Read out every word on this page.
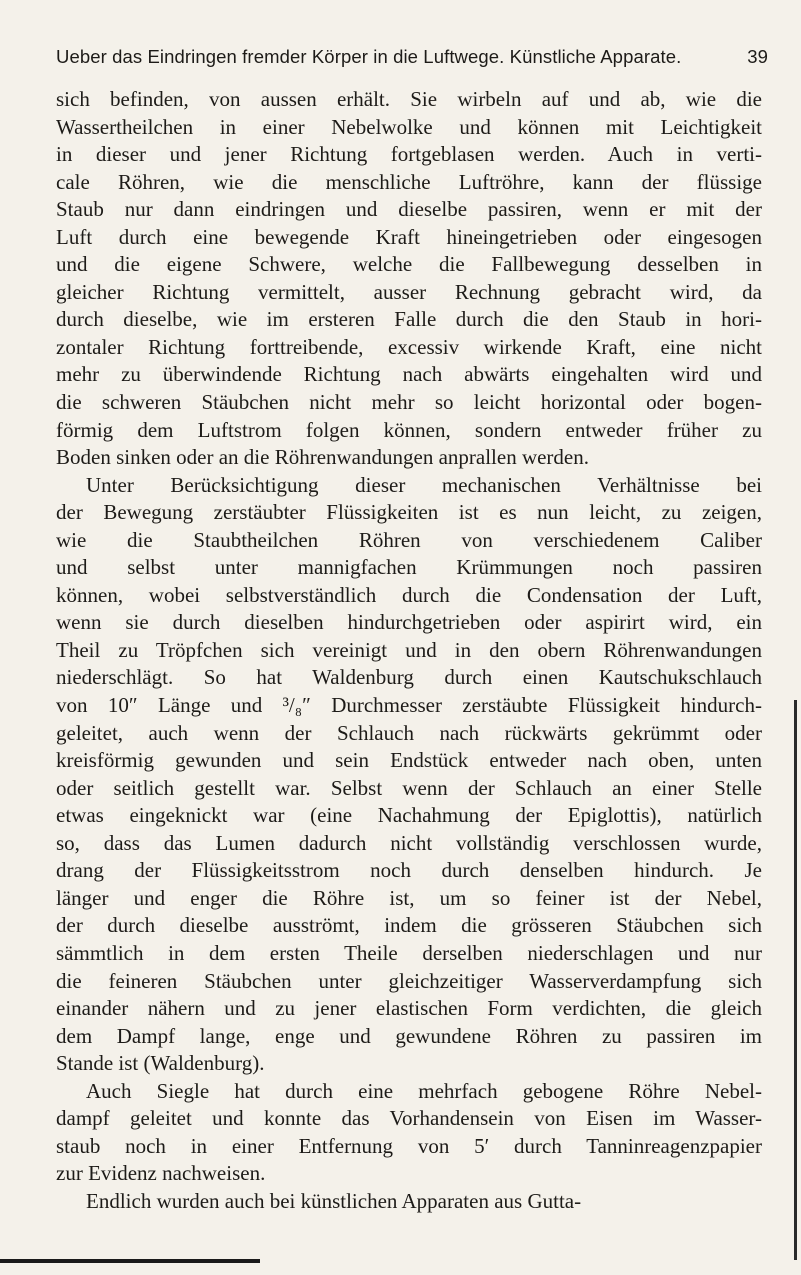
Ueber das Eindringen fremder Körper in die Luftwege. Künstliche Apparate.	39
sich befinden, von aussen erhält. Sie wirbeln auf und ab, wie die
Wassertheilchen in einer Nebelwolke und können mit Leichtigkeit
in dieser und jener Richtung fortgeblasen werden. Auch in verti-
cale Röhren, wie die menschliche Luftröhre, kann der flüssige
Staub nur dann eindringen und dieselbe passiren, wenn er mit der
Luft durch eine bewegende Kraft hineingetrieben oder eingesogen
und die eigene Schwere, welche die Fallbewegung desselben in
gleicher Richtung vermittelt, ausser Rechnung gebracht wird, da
durch dieselbe, wie im ersteren Falle durch die den Staub in hori-
zontaler Richtung forttreibende, excessiv wirkende Kraft, eine nicht
mehr zu überwindende Richtung nach abwärts eingehalten wird und
die schweren Stäubchen nicht mehr so leicht horizontal oder bogen-
förmig dem Luftstrom folgen können, sondern entweder früher zu
Boden sinken oder an die Röhrenwandungen anprallen werden.
Unter Berücksichtigung dieser mechanischen Verhältnisse bei
der Bewegung zerstäubter Flüssigkeiten ist es nun leicht, zu zeigen,
wie die Staubtheilchen Röhren von verschiedenem Caliber
und selbst unter mannigfachen Krümmungen noch passiren
können, wobei selbstverständlich durch die Condensation der Luft,
wenn sie durch dieselben hindurchgetrieben oder aspirirt wird, ein
Theil zu Tröpfchen sich vereinigt und in den obern Röhrenwandungen
niederschlägt. So hat Waldenburg durch einen Kautschukschlauch
von 10″ Länge und ³/₈″ Durchmesser zerstäubte Flüssigkeit hindurch-
geleitet, auch wenn der Schlauch nach rückwärts gekrümmt oder
kreisförmig gewunden und sein Endstück entweder nach oben, unten
oder seitlich gestellt war. Selbst wenn der Schlauch an einer Stelle
etwas eingeknickt war (eine Nachahmung der Epiglottis), natürlich
so, dass das Lumen dadurch nicht vollständig verschlossen wurde,
drang der Flüssigkeitsstrom noch durch denselben hindurch. Je
länger und enger die Röhre ist, um so feiner ist der Nebel,
der durch dieselbe ausströmt, indem die grösseren Stäubchen sich
sämmtlich in dem ersten Theile derselben niederschlagen und nur
die feineren Stäubchen unter gleichzeitiger Wasserverdampfung sich
einander nähern und zu jener elastischen Form verdichten, die gleich
dem Dampf lange, enge und gewundene Röhren zu passiren im
Stande ist (Waldenburg).
Auch Siegle hat durch eine mehrfach gebogene Röhre Nebel-
dampf geleitet und konnte das Vorhandensein von Eisen im Wasser-
staub noch in einer Entfernung von 5′ durch Tanninreagenzpapier
zur Evidenz nachweisen.
Endlich wurden auch bei künstlichen Apparaten aus Gutta-
